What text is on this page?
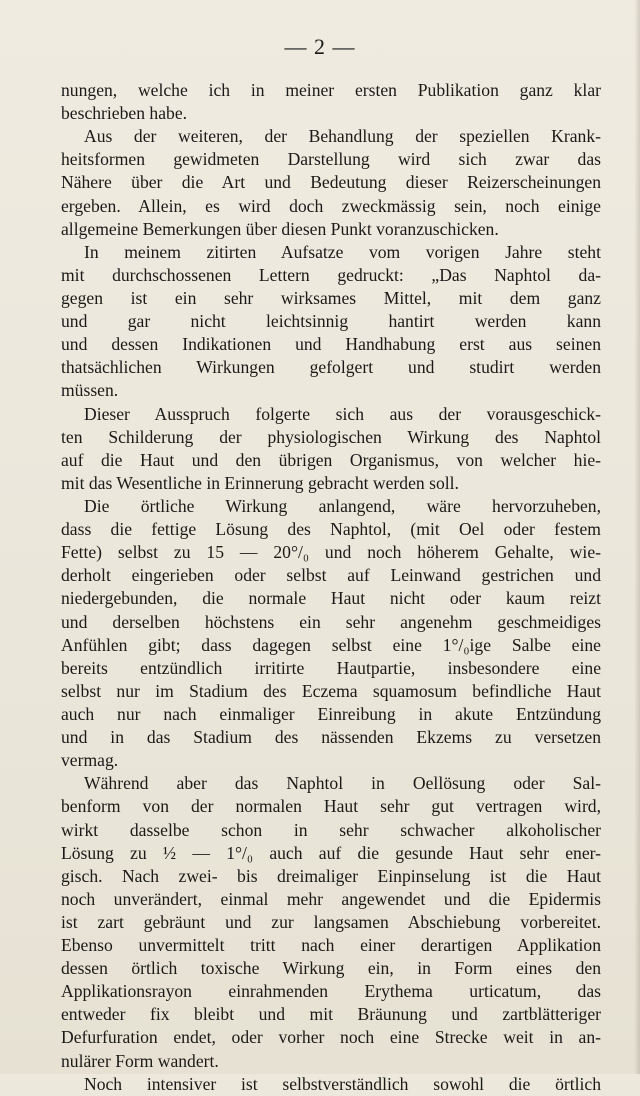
— 2 —
nungen, welche ich in meiner ersten Publikation ganz klar
beschrieben habe.
Aus der weiteren, der Behandlung der speziellen Krank-
heitsformen gewidmeten Darstellung wird sich zwar das
Nähere über die Art und Bedeutung dieser Reizerscheinungen
ergeben. Allein, es wird doch zweckmässig sein, noch einige
allgemeine Bemerkungen über diesen Punkt voranzuschicken.
In meinem zitirten Aufsatze vom vorigen Jahre steht
mit durchschossenen Lettern gedruckt: „Das Naphtol da-
gegen ist ein sehr wirksames Mittel, mit dem ganz
und gar nicht leichtsinnig hantirt werden kann
und dessen Indikationen und Handhabung erst aus seinen
thatsächlichen Wirkungen gefolgert und studirt werden
müssen.
Dieser Ausspruch folgerte sich aus der vorausgeschick-
ten Schilderung der physiologischen Wirkung des Naphtol
auf die Haut und den übrigen Organismus, von welcher hie-
mit das Wesentliche in Erinnerung gebracht werden soll.
Die örtliche Wirkung anlangend, wäre hervorzuheben,
dass die fettige Lösung des Naphtol, (mit Oel oder festem
Fette) selbst zu 15 — 20°/₀ und noch höherem Gehalte, wie-
derholt eingerieben oder selbst auf Leinwand gestrichen und
niedergebunden, die normale Haut nicht oder kaum reizt
und derselben höchstens ein sehr angenehm geschmeidiges
Anfühlen gibt; dass dagegen selbst eine 1°/₀ige Salbe eine
bereits entzündlich irritirte Hautpartie, insbesondere eine
selbst nur im Stadium des Eczema squamosum befindliche Haut
auch nur nach einmaliger Einreibung in akute Entzündung
und in das Stadium des nässenden Ekzems zu versetzen
vermag.
Während aber das Naphtol in Oellösung oder Sal-
benform von der normalen Haut sehr gut vertragen wird,
wirkt dasselbe schon in sehr schwacher alkoholischer
Lösung zu ½ — 1°/₀ auch auf die gesunde Haut sehr ener-
gisch. Nach zwei- bis dreimaliger Einpinselung ist die Haut
noch unverändert, einmal mehr angewendet und die Epidermis
ist zart gebräunt und zur langsamen Abschiebung vorbereitet.
Ebenso unvermittelt tritt nach einer derartigen Applikation
dessen örtlich toxische Wirkung ein, in Form eines den
Applikationsrayon einrahmenden Erythema urticatum, das
entweder fix bleibt und mit Bräunung und zartblätteriger
Defurfuration endet, oder vorher noch eine Strecke weit in an-
nulärer Form wandert.
Noch intensiver ist selbstverständlich sowohl die örtlich
